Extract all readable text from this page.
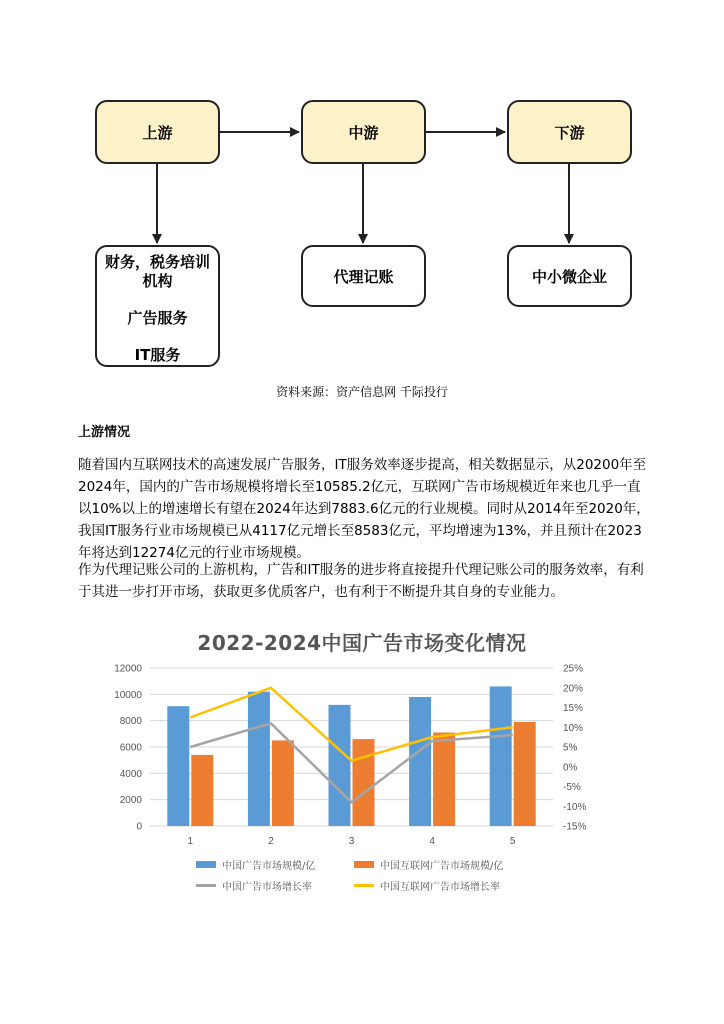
上游	中游	下游
财务，税务培训
机构
广告服务
IT服务
代理记账	中小微企业
资料来源：资产信息网 千际投行
上游情况
随着国内互联网技术的高速发展广告服务，IT服务效率逐步提高，相关数据显示，从20200年至2024年，国内的广告市场规模将增长至10585.2亿元，互联网广告市场规模近年来也几乎一直以10%以上的增速增长有望在2024年达到7883.6亿元的行业规模。同时从2014年至2020年，我国IT服务行业市场规模已从4117亿元增长至8583亿元，平均增速为13%，并且预计在2023年将达到12274亿元的行业市场规模。
作为代理记账公司的上游机构，广告和IT服务的进步将直接提升代理记账公司的服务效率，有利于其进一步打开市场，获取更多优质客户，也有利于不断提升其自身的专业能力。
2022-2024中国广告市场变化情况
0
2000
4000
6000
8000
10000
12000
-15%
-10%
-5%
0%
5%
10%
15%
20%
25%
1	2	3	4	5
中国广告市场规模/亿	中国互联网广告市场规模/亿
中国广告市场增长率	中国互联网广告市场增长率
